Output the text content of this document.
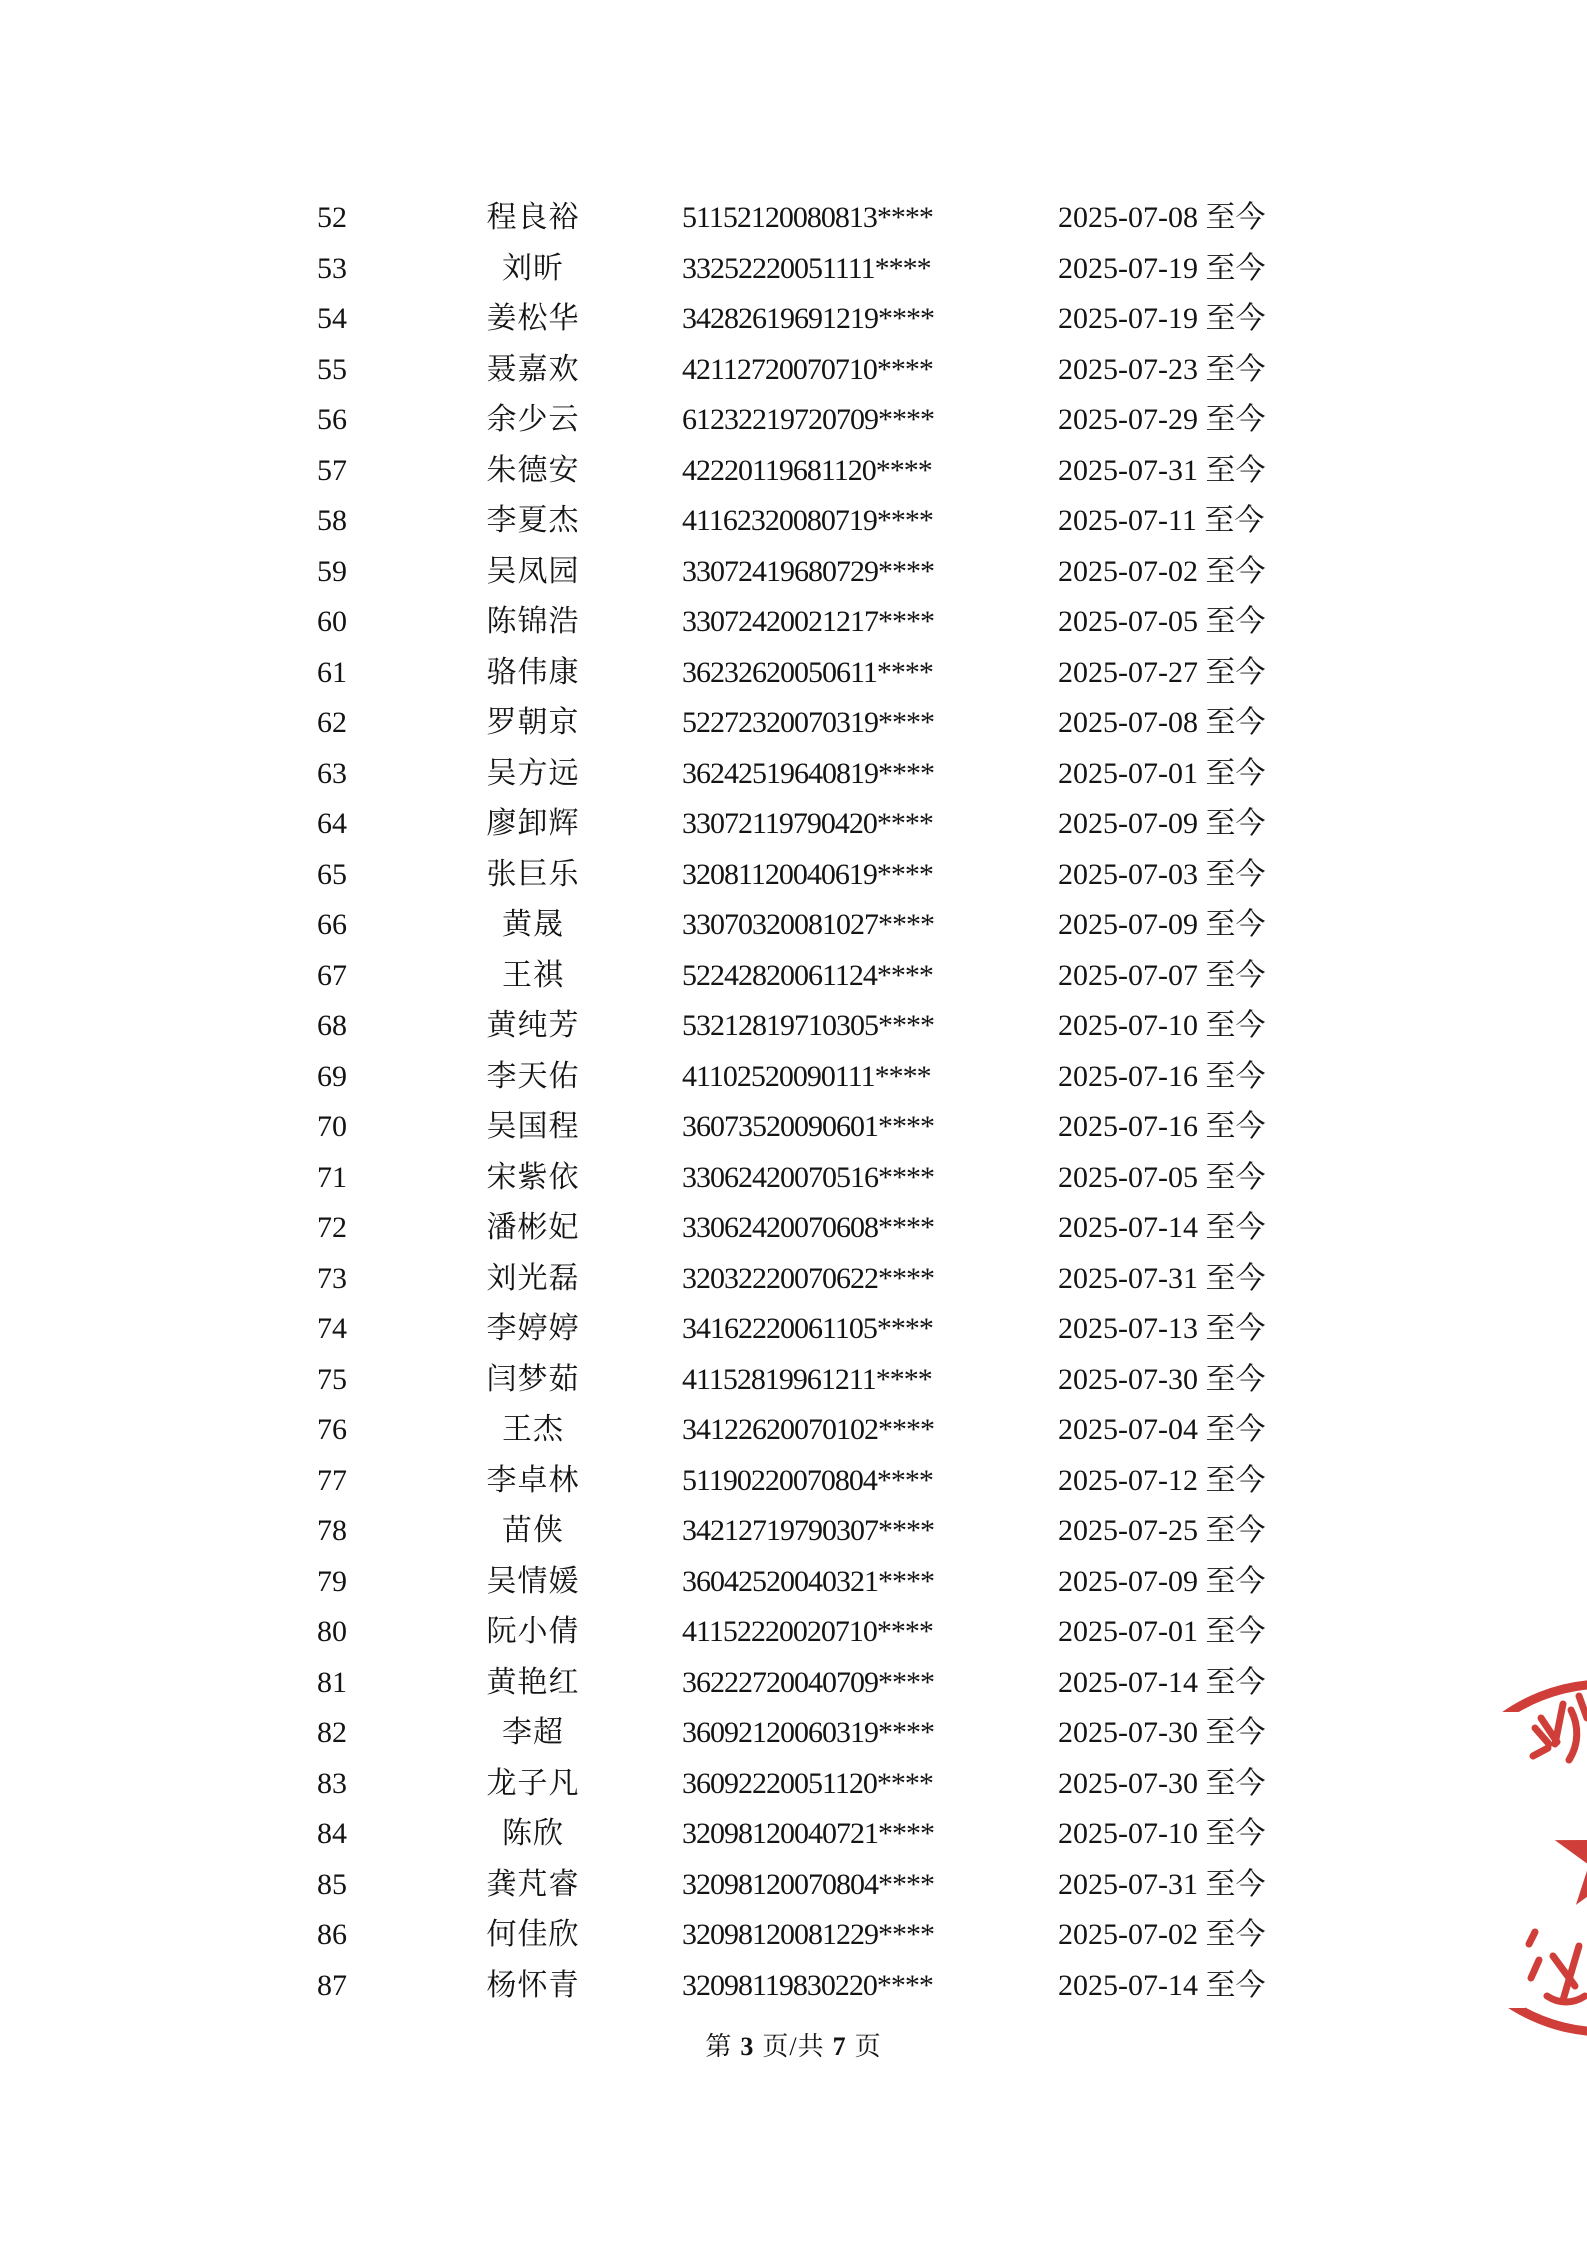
52	程良裕	51152120080813****	2025-07-08 至今
53	刘昕	33252220051111****	2025-07-19 至今
54	姜松华	34282619691219****	2025-07-19 至今
55	聂嘉欢	42112720070710****	2025-07-23 至今
56	余少云	61232219720709****	2025-07-29 至今
57	朱德安	42220119681120****	2025-07-31 至今
58	李夏杰	41162320080719****	2025-07-11 至今
59	吴凤园	33072419680729****	2025-07-02 至今
60	陈锦浩	33072420021217****	2025-07-05 至今
61	骆伟康	36232620050611****	2025-07-27 至今
62	罗朝京	52272320070319****	2025-07-08 至今
63	吴方远	36242519640819****	2025-07-01 至今
64	廖卸辉	33072119790420****	2025-07-09 至今
65	张巨乐	32081120040619****	2025-07-03 至今
66	黄晟	33070320081027****	2025-07-09 至今
67	王祺	52242820061124****	2025-07-07 至今
68	黄纯芳	53212819710305****	2025-07-10 至今
69	李天佑	41102520090111****	2025-07-16 至今
70	吴国程	36073520090601****	2025-07-16 至今
71	宋紫依	33062420070516****	2025-07-05 至今
72	潘彬妃	33062420070608****	2025-07-14 至今
73	刘光磊	32032220070622****	2025-07-31 至今
74	李婷婷	34162220061105****	2025-07-13 至今
75	闫梦茹	41152819961211****	2025-07-30 至今
76	王杰	34122620070102****	2025-07-04 至今
77	李卓林	51190220070804****	2025-07-12 至今
78	苗侠	34212719790307****	2025-07-25 至今
79	吴情媛	36042520040321****	2025-07-09 至今
80	阮小倩	41152220020710****	2025-07-01 至今
81	黄艳红	36222720040709****	2025-07-14 至今
82	李超	36092120060319****	2025-07-30 至今
83	龙子凡	36092220051120****	2025-07-30 至今
84	陈欣	32098120040721****	2025-07-10 至今
85	龚芃睿	32098120070804****	2025-07-31 至今
86	何佳欣	32098120081229****	2025-07-02 至今
87	杨怀青	32098119830220****	2025-07-14 至今
第 3 页/共 7 页
